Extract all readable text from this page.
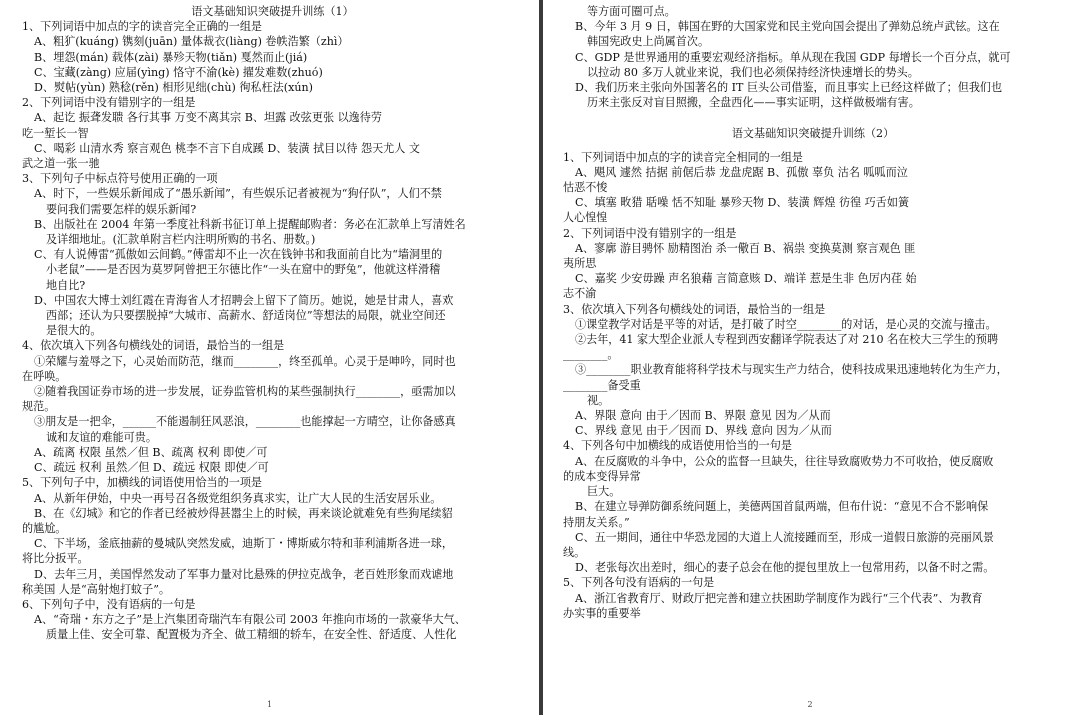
语文基础知识突破提升训练（1）
1、下列词语中加点的字的读音完全正确的一组是
A、粗犷(kuáng) 镌刻(juān) 量体裁衣(liàng) 卷帙浩繁（zhì）
B、埋怨(mán) 载体(zài) 暴殄天物(tiǎn) 戛然而止(jiá)
C、宝藏(zàng) 应届(yìng) 恪守不渝(kè) 擢发难数(zhuó)
D、熨帖(yùn) 熟稔(rěn) 相形见绌(chù) 徇私枉法(xún)
2、下列词语中没有错别字的一组是
A、起讫 振聋发聩 各行其事 万变不离其宗 B、坦露 改弦更张 以逸待劳
吃一堑长一智
C、喝彩 山清水秀 察言观色 桃李不言下自成蹊 D、装潢 拭目以待 怨天尤人 文
武之道一张一驰
3、下列句子中标点符号使用正确的一项
A、时下，一些娱乐新闻成了“愚乐新闻”，有些娱乐记者被视为“狗仔队”，人们不禁
要问我们需要怎样的娱乐新闻?
B、出版社在 2004 年第一季度社科新书征订单上提醒邮购者：务必在汇款单上写清姓名
及详细地址。(汇款单附言栏内注明所购的书名、册数。)
C、有人说傅雷“孤傲如云间鹤。”傅雷却不止一次在钱钟书和我面前自比为“墙洞里的
小老鼠”——是否因为莫罗阿曾把王尔德比作“一头在窟中的野兔”，他就这样滑稽
地自比?
D、中国农大博士刘红霞在青海省人才招聘会上留下了简历。她说，她是甘肃人，喜欢
西部；还认为只要摆脱掉“大城市、高薪水、舒适岗位”等想法的局限，就业空间还
是很大的。
4、依次填入下列各句横线处的词语，最恰当的一组是
①荣耀与羞辱之下，心灵始而防范，继而________，终至孤单。心灵于是呻吟，同时也
在呼唤。
②随着我国证券市场的进一步发展，证券监管机构的某些强制执行________，亟需加以
规范。
③朋友是一把伞，______不能遏制狂风恶浪，________也能撑起一方晴空，让你备感真
诚和友谊的难能可贵。
A、疏离 权限 虽然／但 B、疏离 权利 即使／可
C、疏远 权利 虽然／但 D、疏远 权限 即使／可
5、下列句子中，加横线的词语使用恰当的一项是
A、从新年伊始，中央一再号召各级党组织务真求实，让广大人民的生活安居乐业。
B、在《幻城》和它的作者已经被炒得甚嚣尘上的时候，再来谈论就难免有些狗尾续貂
的尴尬。
C、下半场，釜底抽薪的曼城队突然发威，迪斯丁・博斯威尔特和菲利浦斯各进一球，
将比分扳平。
D、去年三月，美国悍然发动了军事力量对比悬殊的伊拉克战争，老百姓形象而戏谑地
称美国 人是“高射炮打蚊子”。
6、下列句子中，没有语病的一句是
A、“奇瑞・东方之子”是上汽集团奇瑞汽车有限公司 2003 年推向市场的一款豪华大气、
质量上佳、安全可靠、配置极为齐全、做工精细的轿车，在安全性、舒适度、人性化
1
等方面可圈可点。
B、今年 3 月 9 日，韩国在野的大国家党和民主党向国会提出了弹劾总统卢武铉。这在
韩国宪政史上尚属首次。
C、GDP 是世界通用的重要宏观经济指标。单从现在我国 GDP 每增长一个百分点，就可
以拉动 80 多万人就业来说，我们也必须保持经济快速增长的势头。
D、我们历来主张向外国著名的 IT 巨头公司借鉴，而且事实上已经这样做了；但我们也
历来主张反对盲目照搬，全盘西化——事实证明，这样做极端有害。
语文基础知识突破提升训练（2）
1、下列词语中加点的字的读音完全相同的一组是
A、飓风 遽然 拮据 前倨后恭 龙盘虎踞 B、孤傲 辜负 沽名 呱呱而泣
怙恶不悛
C、填塞 畋猎 聒噪 恬不知耻 暴殄天物 D、装潢 辉煌 彷徨 巧舌如簧
人心惶惶
2、下列词语中没有错别字的一组是
A、寥廓 游目骋怀 励精图治 杀一儆百 B、祸祟 变换莫测 察言观色 匪
夷所思
C、嘉奖 少安毋躁 声名狼藉 言简意赅 D、端详 惹是生非 色厉内荏 始
志不渝
3、依次填入下列各句横线处的词语，最恰当的一组是
①课堂教学对话是平等的对话，是打破了时空________的对话，是心灵的交流与撞击。
②去年，41 家大型企业派人专程到西安翻译学院表达了对 210 名在校大三学生的预聘
________。
③________职业教育能将科学技术与现实生产力结合，使科技成果迅速地转化为生产力，
________备受重
视。
A、界限 意向 由于／因而 B、界限 意见 因为／从而
C、界线 意见 由于／因而 D、界线 意向 因为／从而
4、下列各句中加横线的成语使用恰当的一句是
A、在反腐败的斗争中，公众的监督一旦缺失，往往导致腐败势力不可收拾，使反腐败
的成本变得异常
巨大。
B、在建立导弹防御系统问题上，美德两国首鼠两端，但布什说：“意见不合不影响保
持朋友关系。”
C、五一期间，通往中华恐龙园的大道上人流接踵而至，形成一道假日旅游的亮丽风景
线。
D、老张每次出差时，细心的妻子总会在他的提包里放上一包常用药，以备不时之需。
5、下列各句没有语病的一句是
A、浙江省教育厅、财政厅把完善和建立扶困助学制度作为践行“三个代表”、为教育
办实事的重要举
2
